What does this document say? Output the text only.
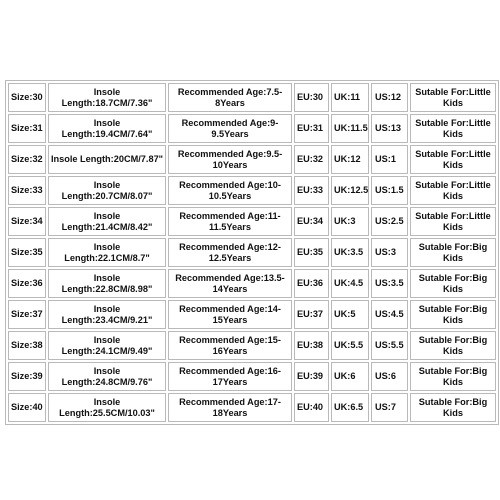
Size:30	Insole Length:18.7CM/7.36"	Recommended Age:7.5-8Years	EU:30	UK:11	US:12	Sutable For:Little Kids
Size:31	Insole Length:19.4CM/7.64"	Recommended Age:9-9.5Years	EU:31	UK:11.5	US:13	Sutable For:Little Kids
Size:32	Insole Length:20CM/7.87"	Recommended Age:9.5-10Years	EU:32	UK:12	US:1	Sutable For:Little Kids
Size:33	Insole Length:20.7CM/8.07"	Recommended Age:10-10.5Years	EU:33	UK:12.5	US:1.5	Sutable For:Little Kids
Size:34	Insole Length:21.4CM/8.42"	Recommended Age:11-11.5Years	EU:34	UK:3	US:2.5	Sutable For:Little Kids
Size:35	Insole Length:22.1CM/8.7"	Recommended Age:12-12.5Years	EU:35	UK:3.5	US:3	Sutable For:Big Kids
Size:36	Insole Length:22.8CM/8.98"	Recommended Age:13.5-14Years	EU:36	UK:4.5	US:3.5	Sutable For:Big Kids
Size:37	Insole Length:23.4CM/9.21"	Recommended Age:14-15Years	EU:37	UK:5	US:4.5	Sutable For:Big Kids
Size:38	Insole Length:24.1CM/9.49"	Recommended Age:15-16Years	EU:38	UK:5.5	US:5.5	Sutable For:Big Kids
Size:39	Insole Length:24.8CM/9.76"	Recommended Age:16-17Years	EU:39	UK:6	US:6	Sutable For:Big Kids
Size:40	Insole Length:25.5CM/10.03"	Recommended Age:17-18Years	EU:40	UK:6.5	US:7	Sutable For:Big Kids
